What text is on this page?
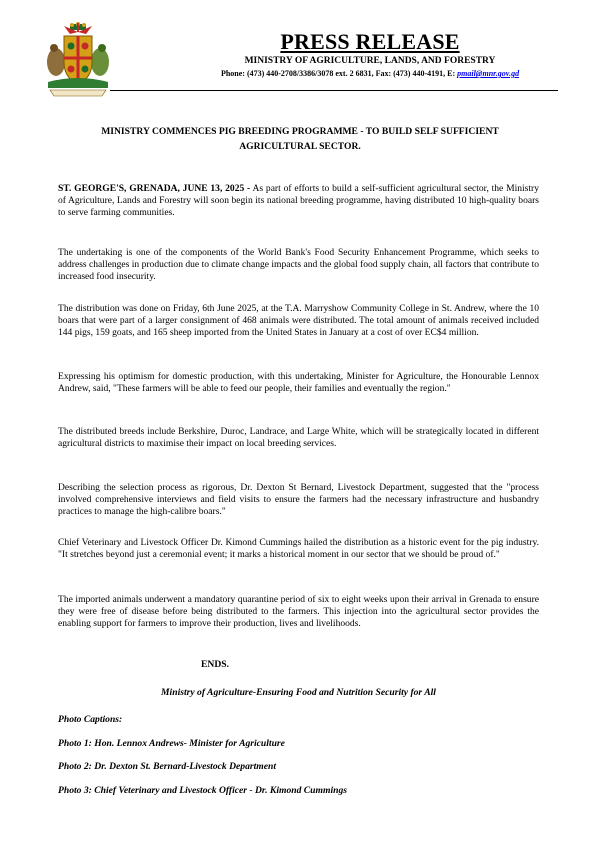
PRESS RELEASE
MINISTRY OF AGRICULTURE, LANDS, AND FORESTRY
Phone: (473) 440-2708/3386/3078 ext. 2 6831, Fax: (473) 440-4191, E: pmail@mnr.gov.gd
MINISTRY COMMENCES PIG BREEDING PROGRAMME - TO BUILD SELF SUFFICIENT AGRICULTURAL SECTOR.

ST. GEORGE'S, GRENADA, JUNE 13, 2025 - As part of efforts to build a self-sufficient agricultural sector, the Ministry of Agriculture, Lands and Forestry will soon begin its national breeding programme, having distributed 10 high-quality boars to serve farming communities.

The undertaking is one of the components of the World Bank's Food Security Enhancement Programme, which seeks to address challenges in production due to climate change impacts and the global food supply chain, all factors that contribute to increased food insecurity.

The distribution was done on Friday, 6th June 2025, at the T.A. Marryshow Community College in St. Andrew, where the 10 boars that were part of a larger consignment of 468 animals were distributed. The total amount of animals received included 144 pigs, 159 goats, and 165 sheep imported from the United States in January at a cost of over EC$4 million.

Expressing his optimism for domestic production, with this undertaking, Minister for Agriculture, the Honourable Lennox Andrew, said, "These farmers will be able to feed our people, their families and eventually the region."

The distributed breeds include Berkshire, Duroc, Landrace, and Large White, which will be strategically located in different agricultural districts to maximise their impact on local breeding services.

Describing the selection process as rigorous, Dr. Dexton St Bernard, Livestock Department, suggested that the "process involved comprehensive interviews and field visits to ensure the farmers had the necessary infrastructure and husbandry practices to manage the high-calibre boars."

Chief Veterinary and Livestock Officer Dr. Kimond Cummings hailed the distribution as a historic event for the pig industry. "It stretches beyond just a ceremonial event; it marks a historical moment in our sector that we should be proud of."

The imported animals underwent a mandatory quarantine period of six to eight weeks upon their arrival in Grenada to ensure they were free of disease before being distributed to the farmers. This injection into the agricultural sector provides the enabling support for farmers to improve their production, lives and livelihoods.

ENDS.
Ministry of Agriculture-Ensuring Food and Nutrition Security for All
Photo Captions:
Photo 1: Hon. Lennox Andrews- Minister for Agriculture
Photo 2: Dr. Dexton St. Bernard-Livestock Department
Photo 3: Chief Veterinary and Livestock Officer - Dr. Kimond Cummings
